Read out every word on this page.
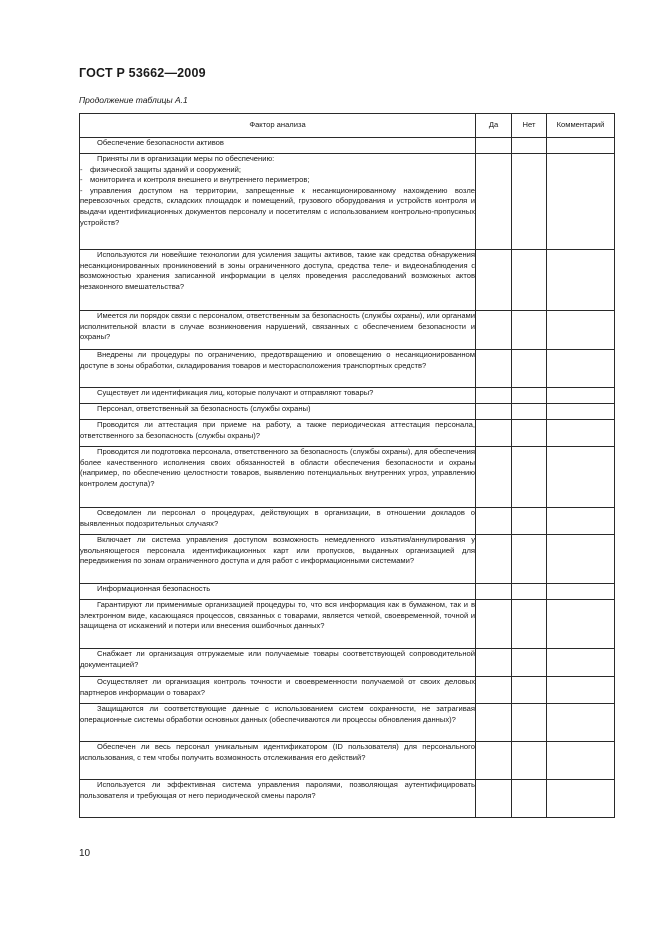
ГОСТ Р 53662—2009
Продолжение таблицы А.1
Фактор анализа	Да	Нет	Комментарий
Обеспечение безопасности активов			

Приняты ли в организации меры по обеспечению:
- физической защиты зданий и сооружений;
- мониторинга и контроля внешнего и внутреннего периметров;
- управления доступом на территории, запрещенные к несанкционированному нахождению возле перевозочных средств, складских площадок и помещений, грузового оборудования и устройств контроля и выдачи идентификационных документов персоналу и посетителям с использованием контрольно-пропускных устройств?			

Используются ли новейшие технологии для усиления защиты активов, такие как средства обнаружения несанкционированных проникновений в зоны ограниченного доступа, средства теле- и видеонаблюдения с возможностью хранения записанной информации в целях проведения расследований возможных актов незаконного вмешательства?			

Имеется ли порядок связи с персоналом, ответственным за безопасность (службы охраны), или органами исполнительной власти в случае возникновения нарушений, связанных с обеспечением безопасности и охраны?			

Внедрены ли процедуры по ограничению, предотвращению и оповещению о несанкционированном доступе в зоны обработки, складирования товаров и месторасположения транспортных средств?			

Существует ли идентификация лиц, которые получают и отправляют товары?			

Персонал, ответственный за безопасность (службы охраны)			

Проводится ли аттестация при приеме на работу, а также периодическая аттестация персонала, ответственного за безопасность (службы охраны)?			

Проводится ли подготовка персонала, ответственного за безопасность (службы охраны), для обеспечения более качественного исполнения своих обязанностей в области обеспечения безопасности и охраны (например, по обеспечению целостности товаров, выявлению потенциальных внутренних угроз, управлению контролем доступа)?			

Осведомлен ли персонал о процедурах, действующих в организации, в отношении докладов о выявленных подозрительных случаях?			

Включает ли система управления доступом возможность немедленного изъятия/аннулирования у увольняющегося персонала идентификационных карт или пропусков, выданных организацией для передвижения по зонам ограниченного доступа и для работ с информационными системами?			

Информационная безопасность			

Гарантируют ли применимые организацией процедуры то, что вся информация как в бумажном, так и в электронном виде, касающаяся процессов, связанных с товарами, является четкой, своевременной, точной и защищена от искажений и потери или внесения ошибочных данных?			

Снабжает ли организация отгружаемые или получаемые товары соответствующей сопроводительной документацией?			

Осуществляет ли организация контроль точности и своевременности получаемой от своих деловых партнеров информации о товарах?			

Защищаются ли соответствующие данные с использованием систем сохранности, не затрагивая операционные системы обработки основных данных (обеспечиваются ли процессы обновления данных)?			

Обеспечен ли весь персонал уникальным идентификатором (ID пользователя) для персонального использования, с тем чтобы получить возможность отслеживания его действий?			

Используется ли эффективная система управления паролями, позволяющая аутентифицировать пользователя и требующая от него периодической смены пароля?			

10
